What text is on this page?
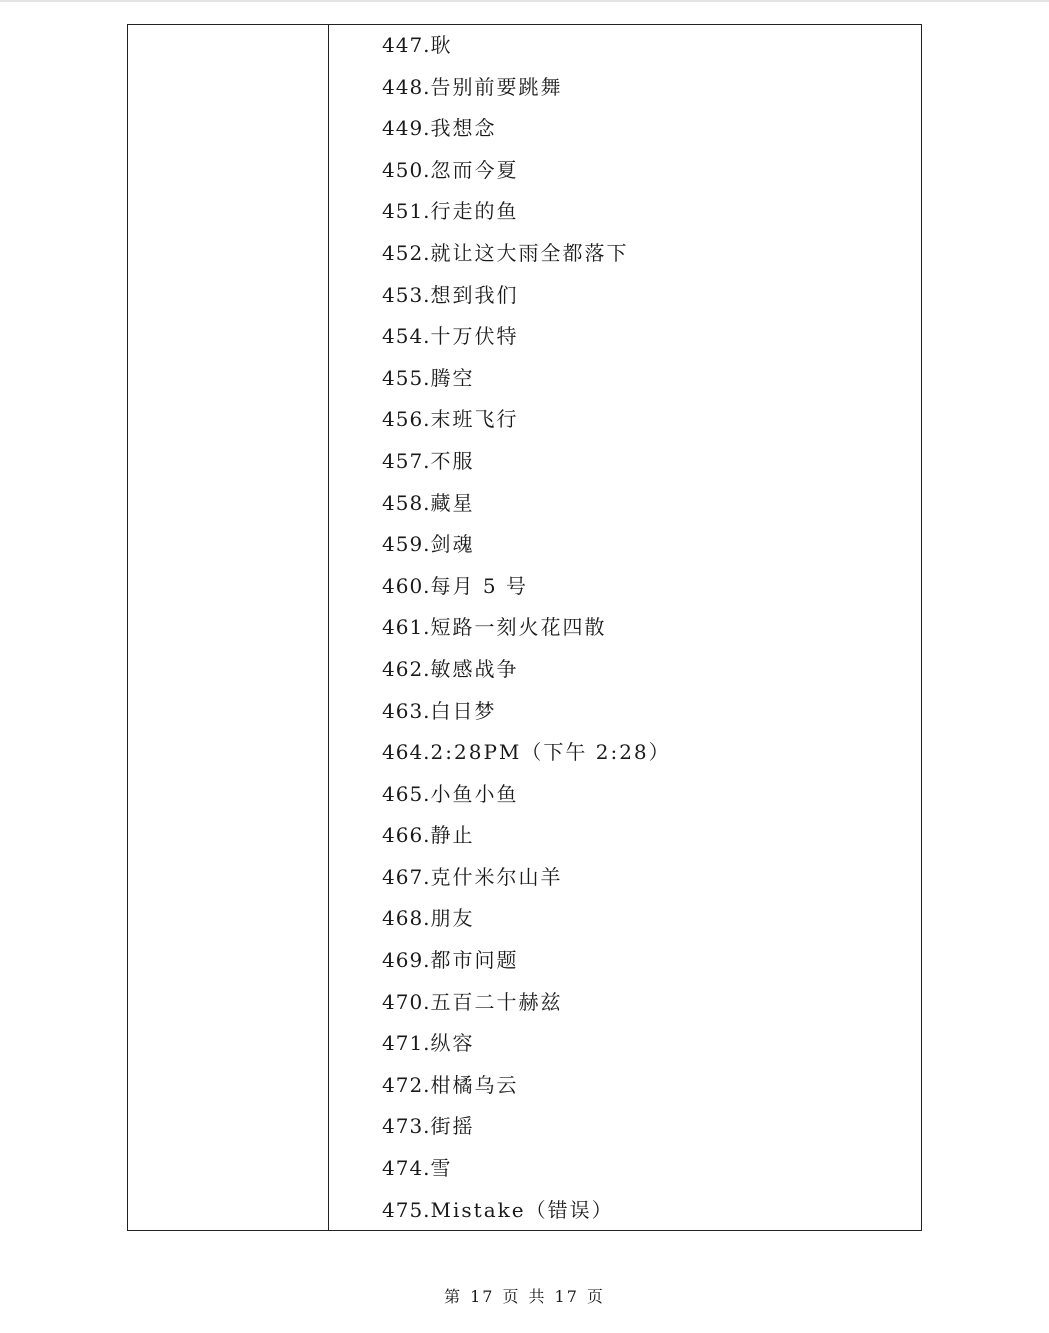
447.耿
448.告别前要跳舞
449.我想念
450.忽而今夏
451.行走的鱼
452.就让这大雨全都落下
453.想到我们
454.十万伏特
455.腾空
456.末班飞行
457.不服
458.藏星
459.剑魂
460.每月 5 号
461.短路一刻火花四散
462.敏感战争
463.白日梦
464.2:28PM（下午 2:28）
465.小鱼小鱼
466.静止
467.克什米尔山羊
468.朋友
469.都市问题
470.五百二十赫兹
471.纵容
472.柑橘乌云
473.街摇
474.雪
475.Mistake（错误）
第 17 页 共 17 页
